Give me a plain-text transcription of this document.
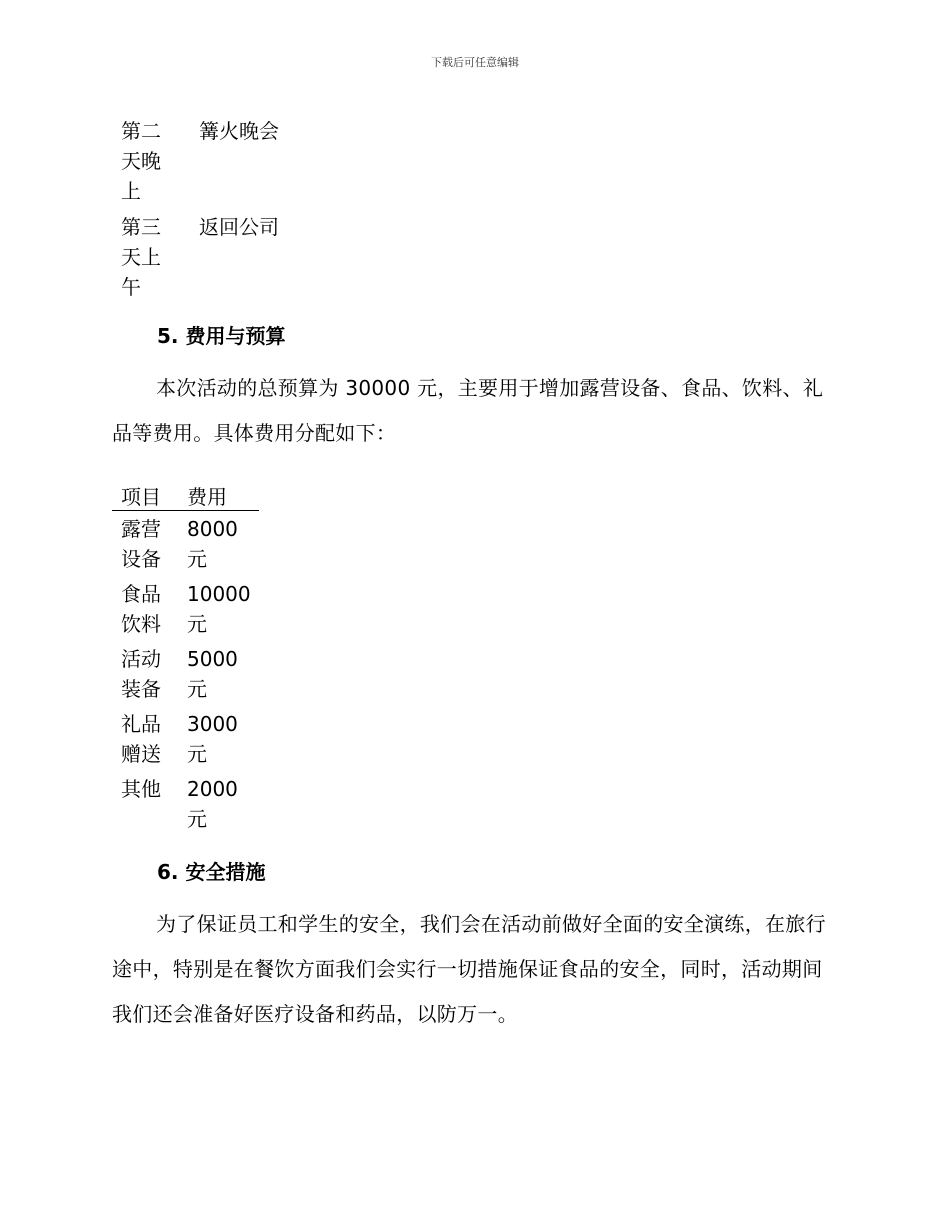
下载后可任意编辑
第二天晚上
篝火晚会
第三天上午
返回公司
5. 费用与预算
本次活动的总预算为 30000 元，主要用于增加露营设备、食品、饮料、礼品等费用。具体费用分配如下：
项目 费用
露营设备
8000 元
食品饮料
10000 元
活动装备
5000 元
礼品赠送
3000 元
其他	2000 元
6. 安全措施
为了保证员工和学生的安全，我们会在活动前做好全面的安全演练，在旅行途中，特别是在餐饮方面我们会实行一切措施保证食品的安全，同时，活动期间我们还会准备好医疗设备和药品，以防万一。
